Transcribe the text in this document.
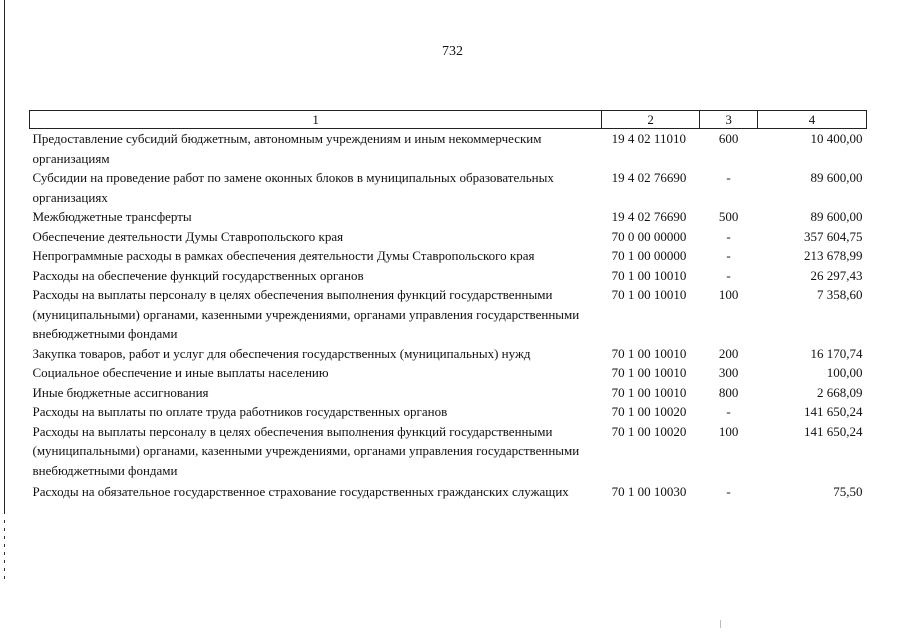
732
1	2	3	4
Предоставление субсидий бюджетным, автономным учреждениям и иным некоммерческим организациям	19 4 02 11010	600	10 400,00
Субсидии на проведение работ по замене оконных блоков в муниципальных образовательных организациях	19 4 02 76690	-	89 600,00
Межбюджетные трансферты	19 4 02 76690	500	89 600,00
Обеспечение деятельности Думы Ставропольского края	70 0 00 00000	-	357 604,75
Непрограммные расходы в рамках обеспечения деятельности Думы Ставропольского края	70 1 00 00000	-	213 678,99
Расходы на обеспечение функций государственных органов	70 1 00 10010	-	26 297,43
Расходы на выплаты персоналу в целях обеспечения выполнения функций государственными (муниципальными) органами, казенными учреждениями, органами управления государственными внебюджетными фондами	70 1 00 10010	100	7 358,60
Закупка товаров, работ и услуг для обеспечения государственных (муниципальных) нужд	70 1 00 10010	200	16 170,74
Социальное обеспечение и иные выплаты населению	70 1 00 10010	300	100,00
Иные бюджетные ассигнования	70 1 00 10010	800	2 668,09
Расходы на выплаты по оплате труда работников государственных органов	70 1 00 10020	-	141 650,24
Расходы на выплаты персоналу в целях обеспечения выполнения функций государственными (муниципальными) органами, казенными учреждениями, органами управления государственными внебюджетными фондами	70 1 00 10020	100	141 650,24
Расходы на обязательное государственное страхование государственных гражданских служащих	70 1 00 10030	-	75,50
